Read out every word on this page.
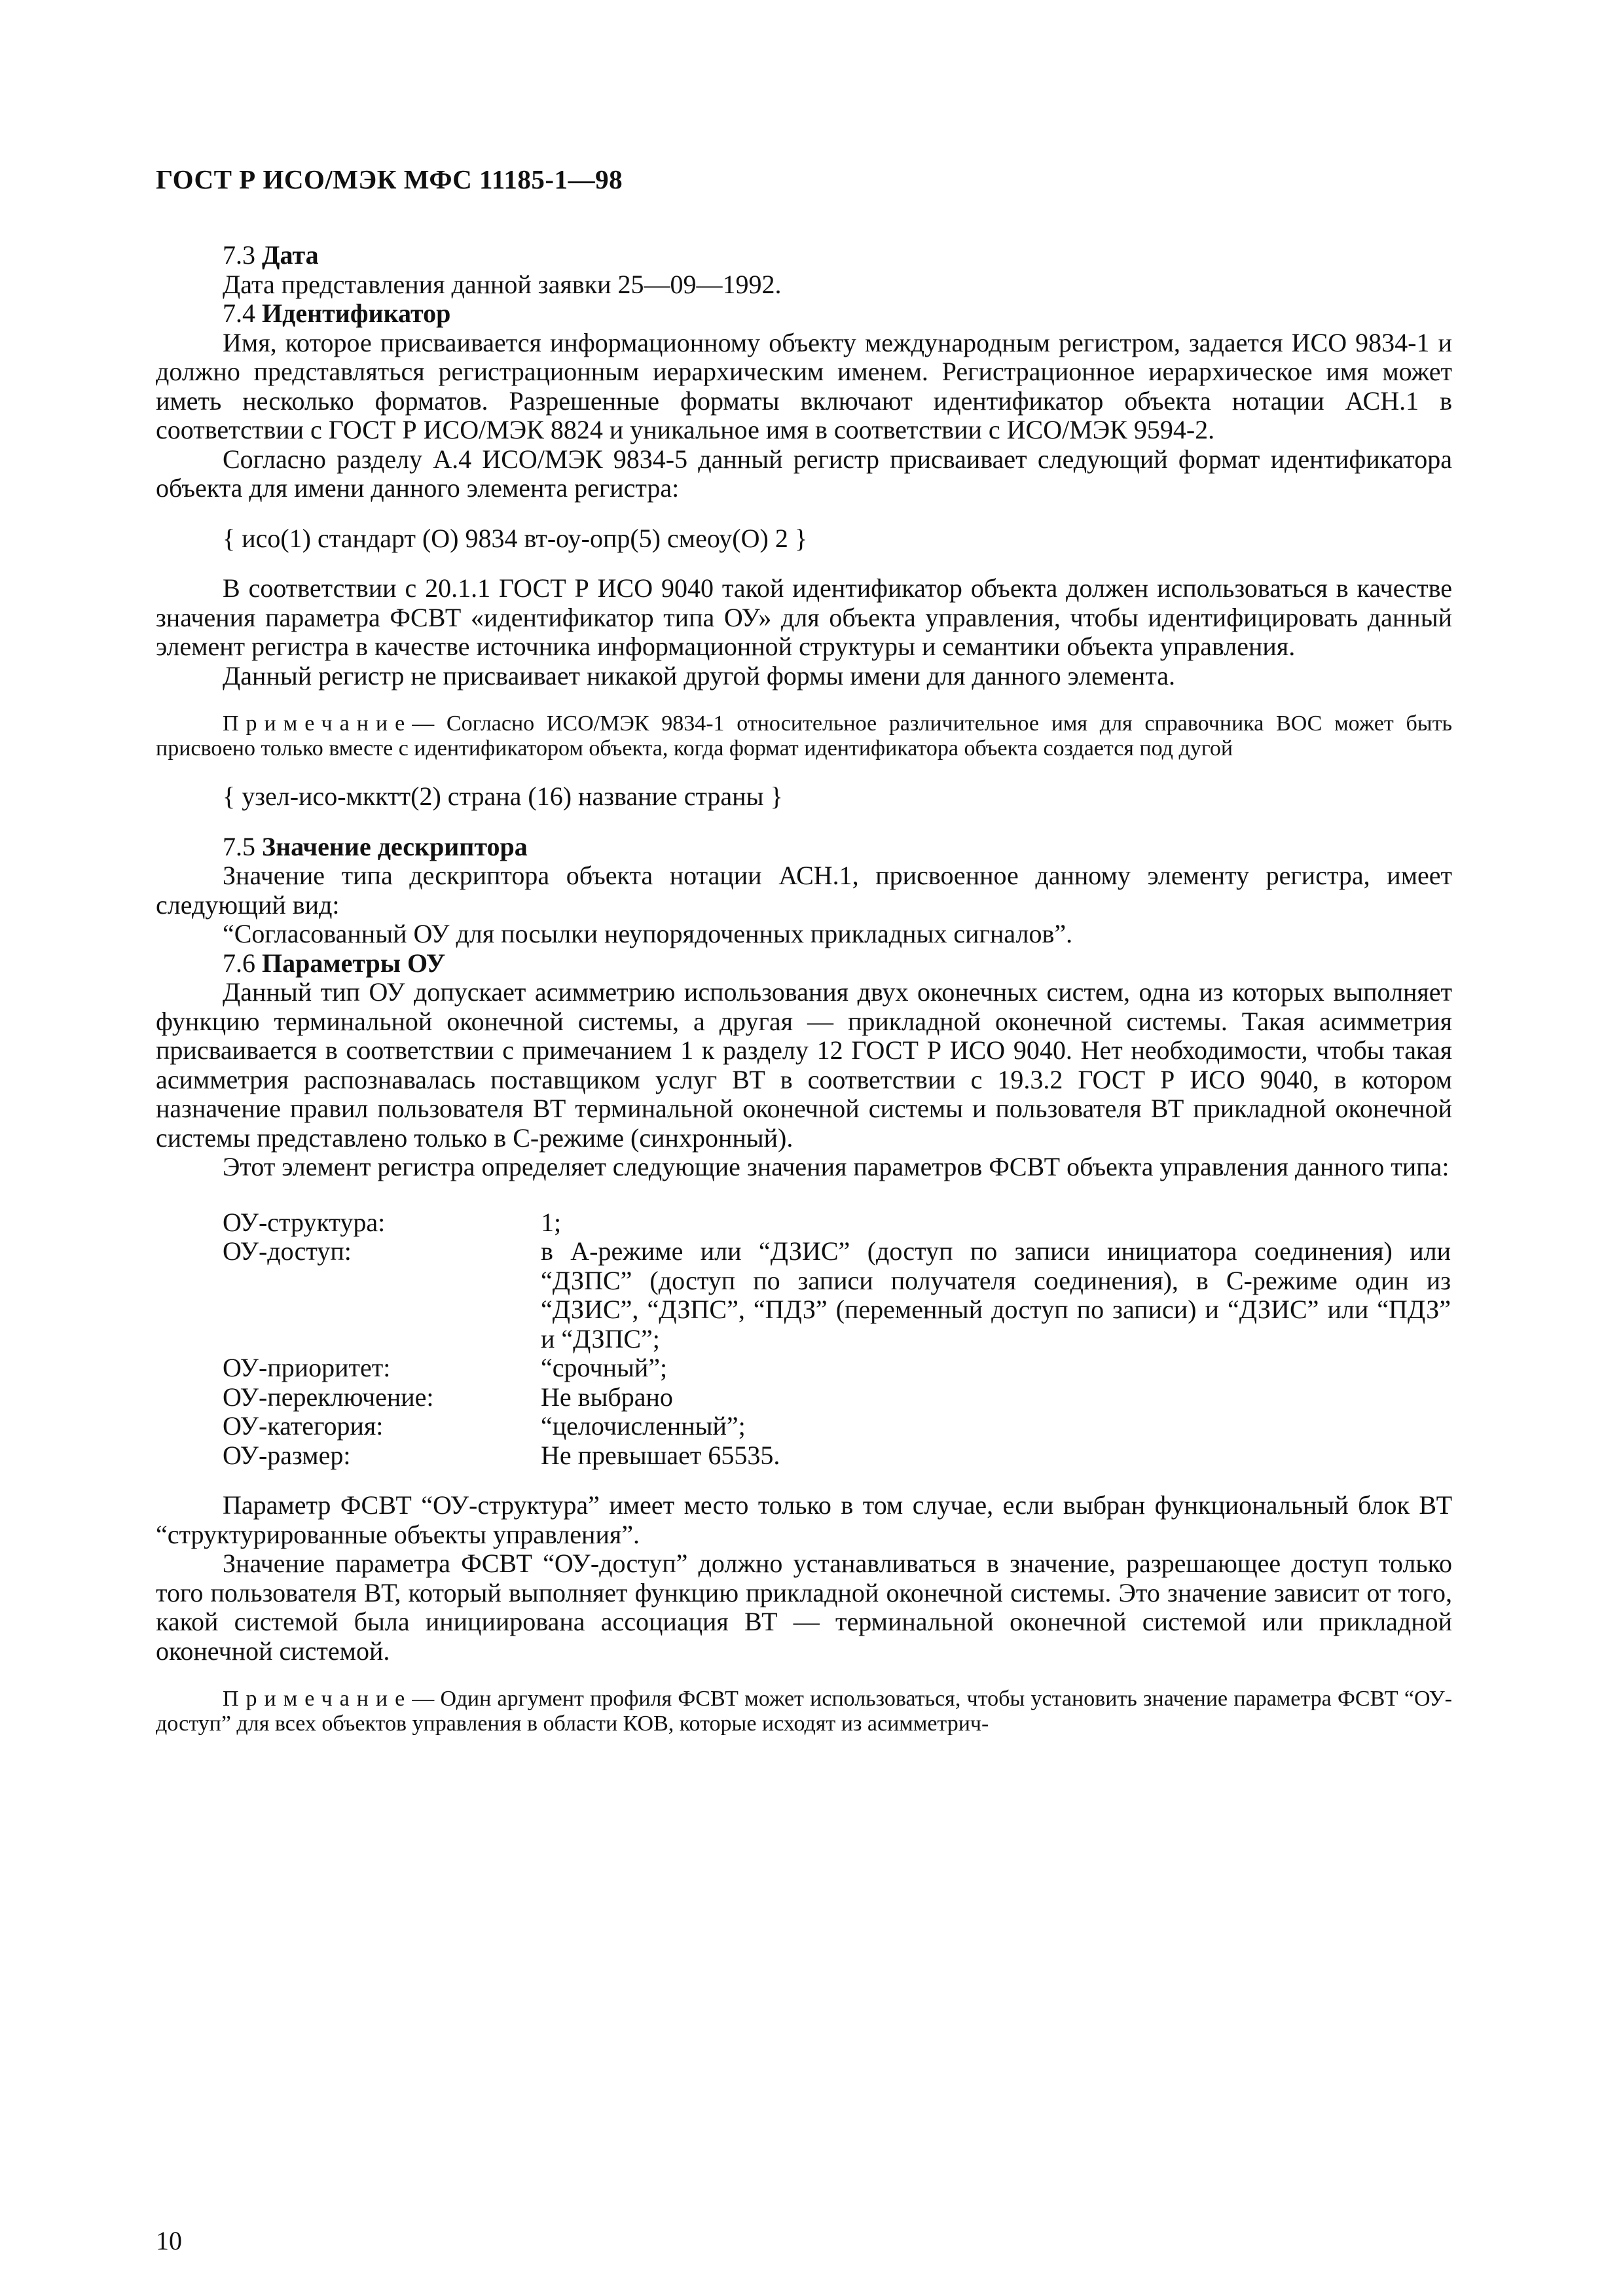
ГОСТ Р ИСО/МЭК МФС 11185-1—98
7.3 Дата

Дата представления данной заявки 25—09—1992.

7.4 Идентификатор

Имя, которое присваивается информационному объекту международным регистром, задается ИСО 9834-1 и должно представляться регистрационным иерархическим именем. Регистрационное иерархическое имя может иметь несколько форматов. Разрешенные форматы включают идентификатор объекта нотации АСН.1 в соответствии с ГОСТ Р ИСО/МЭК 8824 и уникальное имя в соответствии с ИСО/МЭК 9594-2.

Согласно разделу А.4 ИСО/МЭК 9834-5 данный регистр присваивает следующий формат идентификатора объекта для имени данного элемента регистра:

{ исо(1) стандарт (О) 9834 вт-оу-опр(5) смеоу(О) 2 }

В соответствии с 20.1.1 ГОСТ Р ИСО 9040 такой идентификатор объекта должен использоваться в качестве значения параметра ФСВТ «идентификатор типа ОУ» для объекта управления, чтобы идентифицировать данный элемент регистра в качестве источника информационной структуры и семантики объекта управления.

Данный регистр не присваивает никакой другой формы имени для данного элемента.

Примечание— Согласно ИСО/МЭК 9834-1 относительное различительное имя для справочника ВОС может быть присвоено только вместе с идентификатором объекта, когда формат идентификатора объекта создается под дугой

{ узел-исо-мкктт(2) страна (16) название страны }
7.5 Значение дескриптора

Значение типа дескриптора объекта нотации АСН.1, присвоенное данному элементу регистра, имеет следующий вид:

“Согласованный ОУ для посылки неупорядоченных прикладных сигналов”.

7.6 Параметры ОУ

Данный тип ОУ допускает асимметрию использования двух оконечных систем, одна из которых выполняет функцию терминальной оконечной системы, а другая — прикладной оконечной системы. Такая асимметрия присваивается в соответствии с примечанием 1 к разделу 12 ГОСТ Р ИСО 9040. Нет необходимости, чтобы такая асимметрия распознавалась поставщиком услуг ВТ в соответствии с 19.3.2 ГОСТ Р ИСО 9040, в котором назначение правил пользователя ВТ терминальной оконечной системы и пользователя ВТ прикладной оконечной системы представлено только в С-режиме (синхронный).

Этот элемент регистра определяет следующие значения параметров ФСВТ объекта управления данного типа:

ОУ-структура:	1;
ОУ-доступ:	в А-режиме или “ДЗИС” (доступ по записи инициатора соединения) или “ДЗПС” (доступ по записи получателя соединения), в С-режиме один из “ДЗИС”, “ДЗПС”, “ПДЗ” (переменный доступ по записи) и “ДЗИС” или “ПДЗ” и “ДЗПС”;
ОУ-приоритет:	“срочный”;
ОУ-переключение:	Не выбрано
ОУ-категория:	“целочисленный”;
ОУ-размер:	Не превышает 65535.

Параметр ФСВТ “ОУ-структура” имеет место только в том случае, если выбран функциональный блок ВТ “структурированные объекты управления”.

Значение параметра ФСВТ “ОУ-доступ” должно устанавливаться в значение, разрешающее доступ только того пользователя ВТ, который выполняет функцию прикладной оконечной системы. Это значение зависит от того, какой системой была инициирована ассоциация ВТ — терминальной оконечной системой или прикладной оконечной системой.

Примечание— Один аргумент профиля ФСВТ может использоваться, чтобы установить значение параметра ФСВТ “ОУ-доступ” для всех объектов управления в области КОВ, которые исходят из асимметрич-

10
